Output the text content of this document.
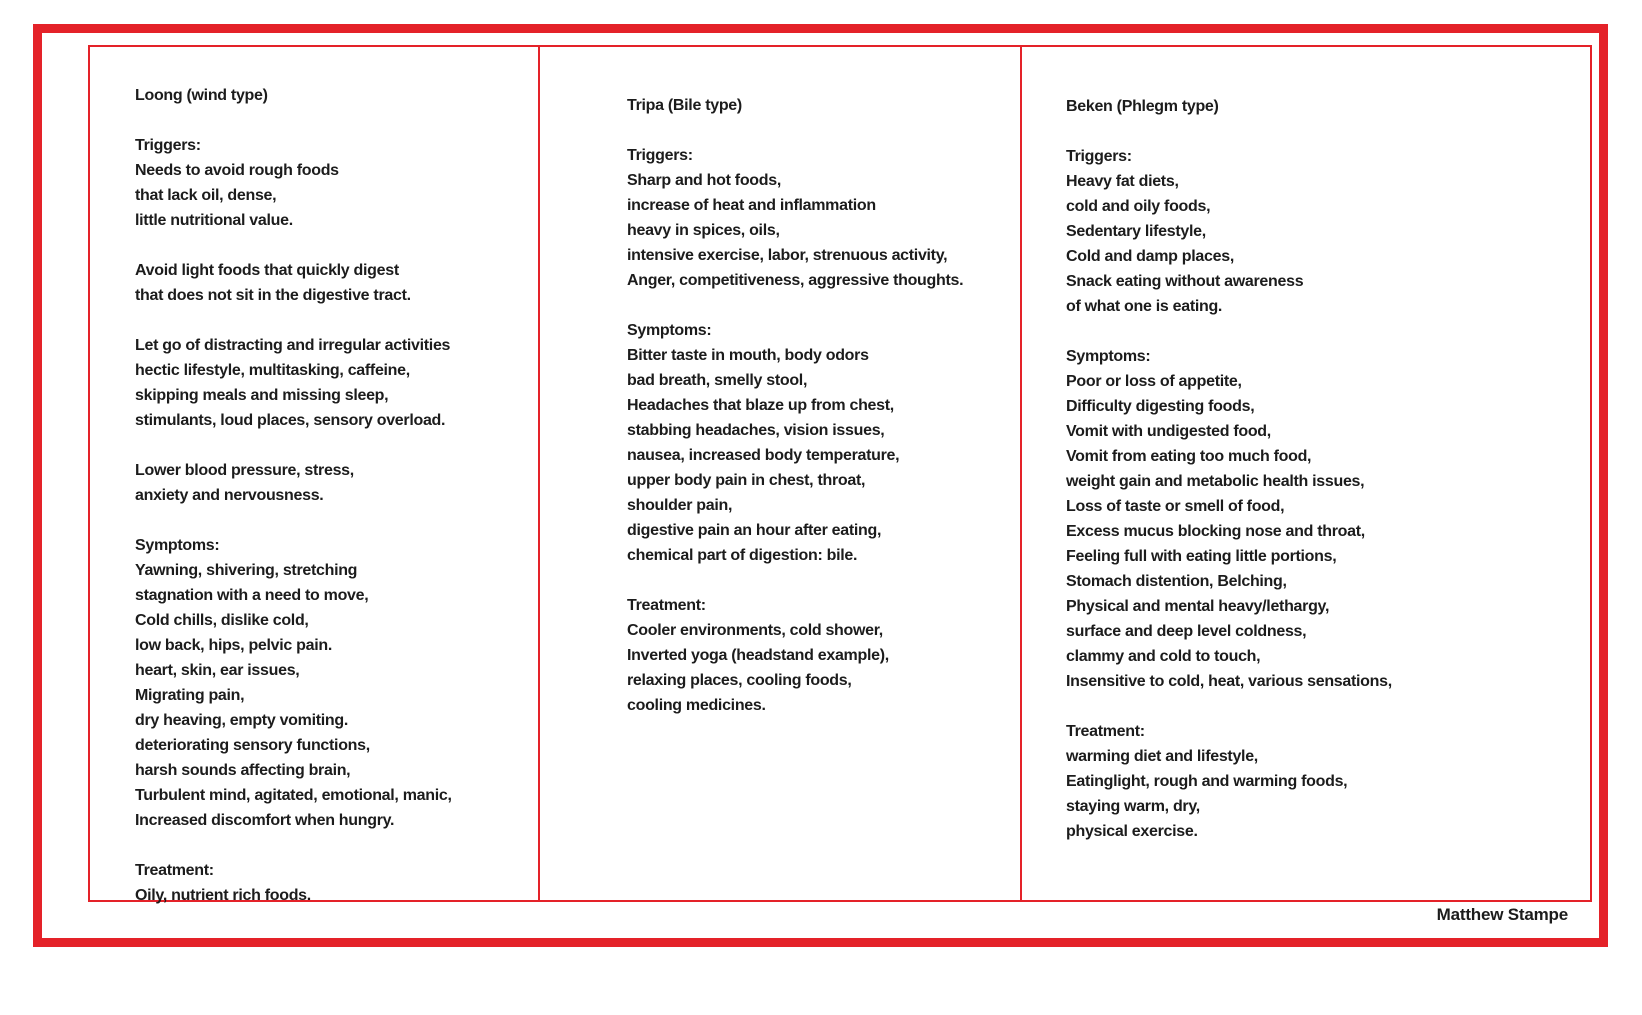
Loong (wind type)
Triggers:
Needs to avoid rough foods
that lack oil, dense,
little nutritional value.
Avoid light foods that quickly digest
that does not sit in the digestive tract.
Let go of distracting and irregular activities
hectic lifestyle, multitasking, caffeine,
skipping meals and missing sleep,
stimulants, loud places, sensory overload.
Lower blood pressure, stress,
anxiety and nervousness.
Symptoms:
Yawning, shivering, stretching
stagnation with a need to move,
Cold chills, dislike cold,
low back, hips, pelvic pain.
heart, skin, ear issues,
Migrating pain,
dry heaving, empty vomiting.
deteriorating sensory functions,
harsh sounds affecting brain,
Turbulent mind, agitated, emotional, manic,
Increased discomfort when hungry.
Treatment:
Oily, nutrient rich foods.
Tripa (Bile type)
Triggers:
Sharp and hot foods,
increase of heat and inflammation
heavy in spices, oils,
intensive exercise, labor, strenuous activity,
Anger, competitiveness, aggressive thoughts.
Symptoms:
Bitter taste in mouth, body odors
bad breath, smelly stool,
Headaches that blaze up from chest,
stabbing headaches, vision issues,
nausea, increased body temperature,
upper body pain in chest, throat,
shoulder pain,
digestive pain an hour after eating,
chemical part of digestion: bile.
Treatment:
Cooler environments, cold shower,
Inverted yoga (headstand example),
relaxing places, cooling foods,
cooling medicines.
Beken (Phlegm type)
Triggers:
Heavy fat diets,
cold and oily foods,
Sedentary lifestyle,
Cold and damp places,
Snack eating without awareness
of what one is eating.
Symptoms:
Poor or loss of appetite,
Difficulty digesting foods,
Vomit with undigested food,
Vomit from eating too much food,
weight gain and metabolic health issues,
Loss of taste or smell of food,
Excess mucus blocking nose and throat,
Feeling full with eating little portions,
Stomach distention, Belching,
Physical and mental heavy/lethargy,
surface and deep level coldness,
clammy and cold to touch,
Insensitive to cold, heat, various sensations,
Treatment:
warming diet and lifestyle,
Eatinglight, rough and warming foods,
staying warm, dry,
physical exercise.
Matthew Stampe
